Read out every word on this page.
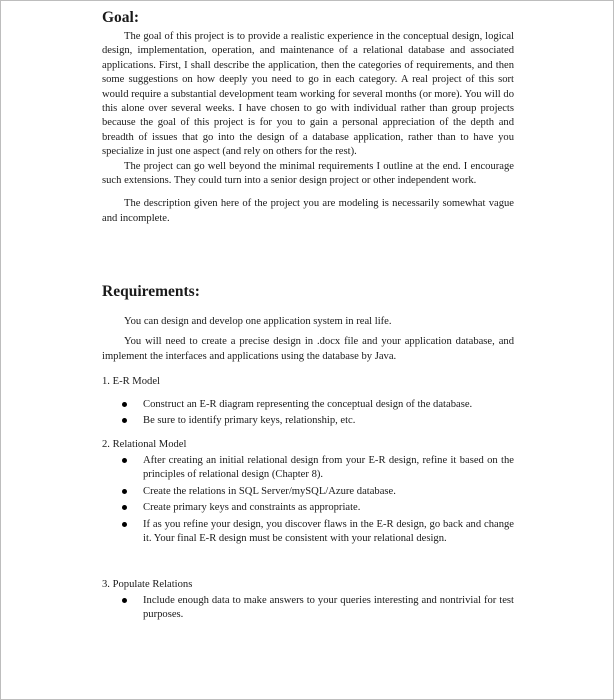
Goal:

The goal of this project is to provide a realistic experience in the conceptual design, logical design, implementation, operation, and maintenance of a relational database and associated applications. First, I shall describe the application, then the categories of requirements, and then some suggestions on how deeply you need to go in each category. A real project of this sort would require a substantial development team working for several months (or more). You will do this alone over several weeks. I have chosen to go with individual rather than group projects because the goal of this project is for you to gain a personal appreciation of the depth and breadth of issues that go into the design of a database application, rather than to have you specialize in just one aspect (and rely on others for the rest).

The project can go well beyond the minimal requirements I outline at the end. I encourage such extensions. They could turn into a senior design project or other independent work.

The description given here of the project you are modeling is necessarily somewhat vague and incomplete.

Requirements:

You can design and develop one application system in real life.

You will need to create a precise design in .docx file and your application database, and implement the interfaces and applications using the database by Java.

1. E-R Model
Construct an E-R diagram representing the conceptual design of the database.
Be sure to identify primary keys, relationship, etc.
2. Relational Model
After creating an initial relational design from your E-R design, refine it based on the principles of relational design (Chapter 8).
Create the relations in SQL Server/mySQL/Azure database.
Create primary keys and constraints as appropriate.
If as you refine your design, you discover flaws in the E-R design, go back and change it. Your final E-R design must be consistent with your relational design.
3. Populate Relations
Include enough data to make answers to your queries interesting and nontrivial for test purposes.
